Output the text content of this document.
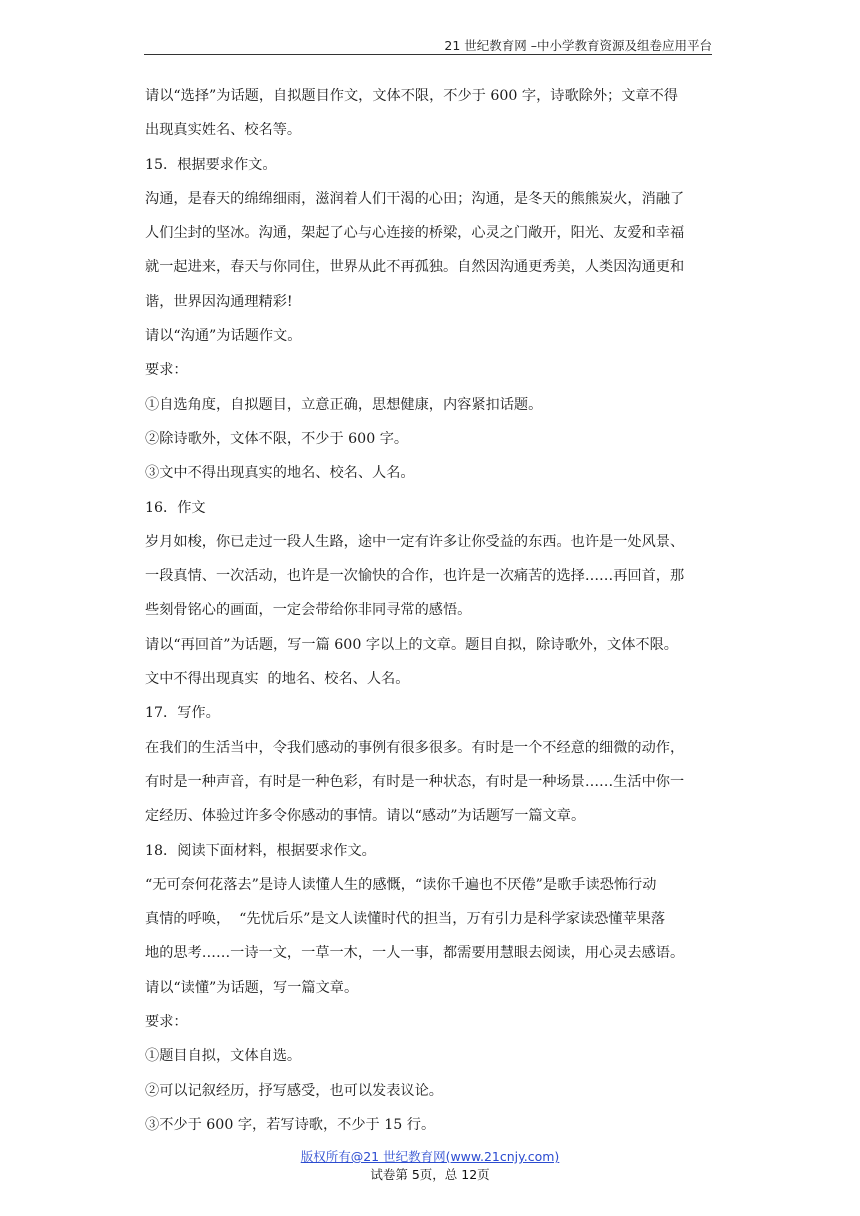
21 世纪教育网 –中小学教育资源及组卷应用平台
请以“选择”为话题，自拟题目作文，文体不限，不少于 600 字，诗歌除外；文章不得
出现真实姓名、校名等。
15．根据要求作文。
沟通，是春天的绵绵细雨，滋润着人们干渴的心田；沟通，是冬天的熊熊炭火，消融了
人们尘封的坚冰。沟通，架起了心与心连接的桥梁，心灵之门敞开，阳光、友爱和幸福
就一起进来，春天与你同住，世界从此不再孤独。自然因沟通更秀美，人类因沟通更和
谐，世界因沟通理精彩!
请以“沟通”为话题作文。
要求：
①自选角度，自拟题目，立意正确，思想健康，内容紧扣话题。
②除诗歌外，文体不限，不少于 600 字。
③文中不得出现真实的地名、校名、人名。
16．作文
岁月如梭，你已走过一段人生路，途中一定有许多让你受益的东西。也许是一处风景、
一段真情、一次活动，也许是一次愉快的合作，也许是一次痛苦的选择……再回首，那
些刻骨铭心的画面，一定会带给你非同寻常的感悟。
请以“再回首”为话题，写一篇 600 字以上的文章。题目自拟，除诗歌外，文体不限。
文中不得出现真实  的地名、校名、人名。
17．写作。
在我们的生活当中，令我们感动的事例有很多很多。有时是一个不经意的细微的动作，
有时是一种声音，有时是一种色彩，有时是一种状态，有时是一种场景……生活中你一
定经历、体验过许多令你感动的事情。请以“感动”为话题写一篇文章。
18．阅读下面材料，根据要求作文。
“无可奈何花落去”是诗人读懂人生的感慨，“读你千遍也不厌倦”是歌手读恐怖行动
真情的呼唤，  “先忧后乐”是文人读懂时代的担当，万有引力是科学家读恐懂苹果落
地的思考……一诗一文，一草一木，一人一事，都需要用慧眼去阅读，用心灵去感语。
请以“读懂”为话题，写一篇文章。
要求：
①题目自拟，文体自选。
②可以记叙经历，抒写感受，也可以发表议论。
③不少于 600 字，若写诗歌，不少于 15 行。
版权所有@21 世纪教育网(www.21cnjy.com)
试卷第 5页，总 12页
